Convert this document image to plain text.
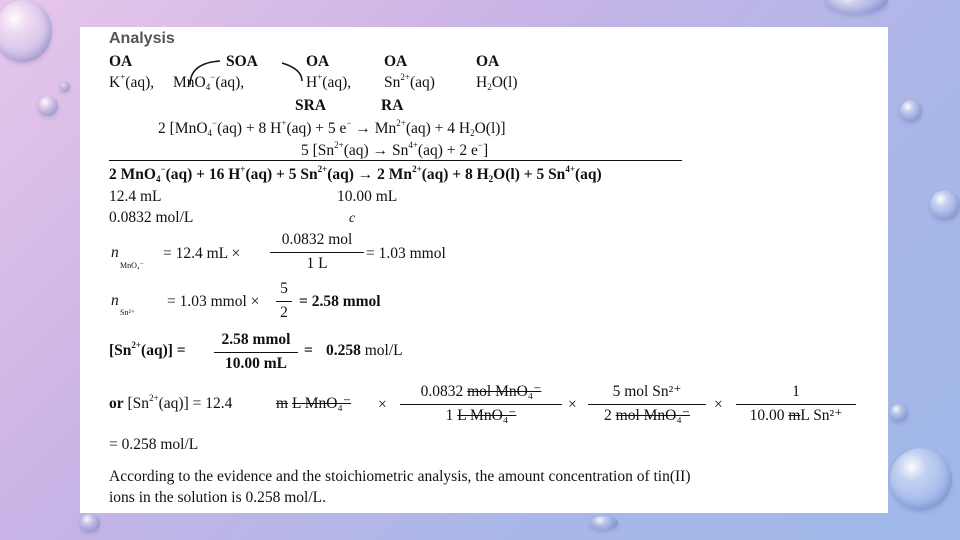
Analysis
OA	SOA	OA	OA	OA
K+(aq), MnO$_4$−(aq),	H+(aq), $Sn^{2+}(aq)$	$H_2O(l)$
SRA	RA
2 [MnO$_4$−(aq) + 8 H+(aq) + 5 $e^- \to Mn^{2+}(aq) + 4$ $H_2O(l)$]
5 [$Sn^{2+}(aq) \to Sn^{4+}(aq) + 2$ e−]
2 MnO$_4$−(aq) + 16 H+(aq) + 5 $Sn^{2+}(aq) \to 2$ $Mn^{2+}(aq) + 8$ $H_2O(l) + 5$ $Sn^{4+}(aq)$
12.4 mL	10.00 mL
0.0832 mol/L	c
n
MnO₄⁻
= 12.4 mL ×
0.0832 mol
1 L
= 1.03 mmol
n
Sn²⁺
= 1.03 mmol ×
5
2
= 2.58 mmol
$[Sn^{2+}(aq)]$ =
2.58 mmol
10.00 mL
= 0.258 mol/L
or $[Sn^{2+}(aq)] = 12.4$	m L MnO₄⁻ ×
0.0832 mol MnO₄⁻
1 L MnO₄⁻
×
5 mol Sn²⁺
2 mol MnO₄⁻
×
1
10.00 mL Sn²⁺
= 0.258 mol/L
According to the evidence and the stoichiometric analysis, the amount concentration of tin(II)
ions in the solution is 0.258 mol/L.
